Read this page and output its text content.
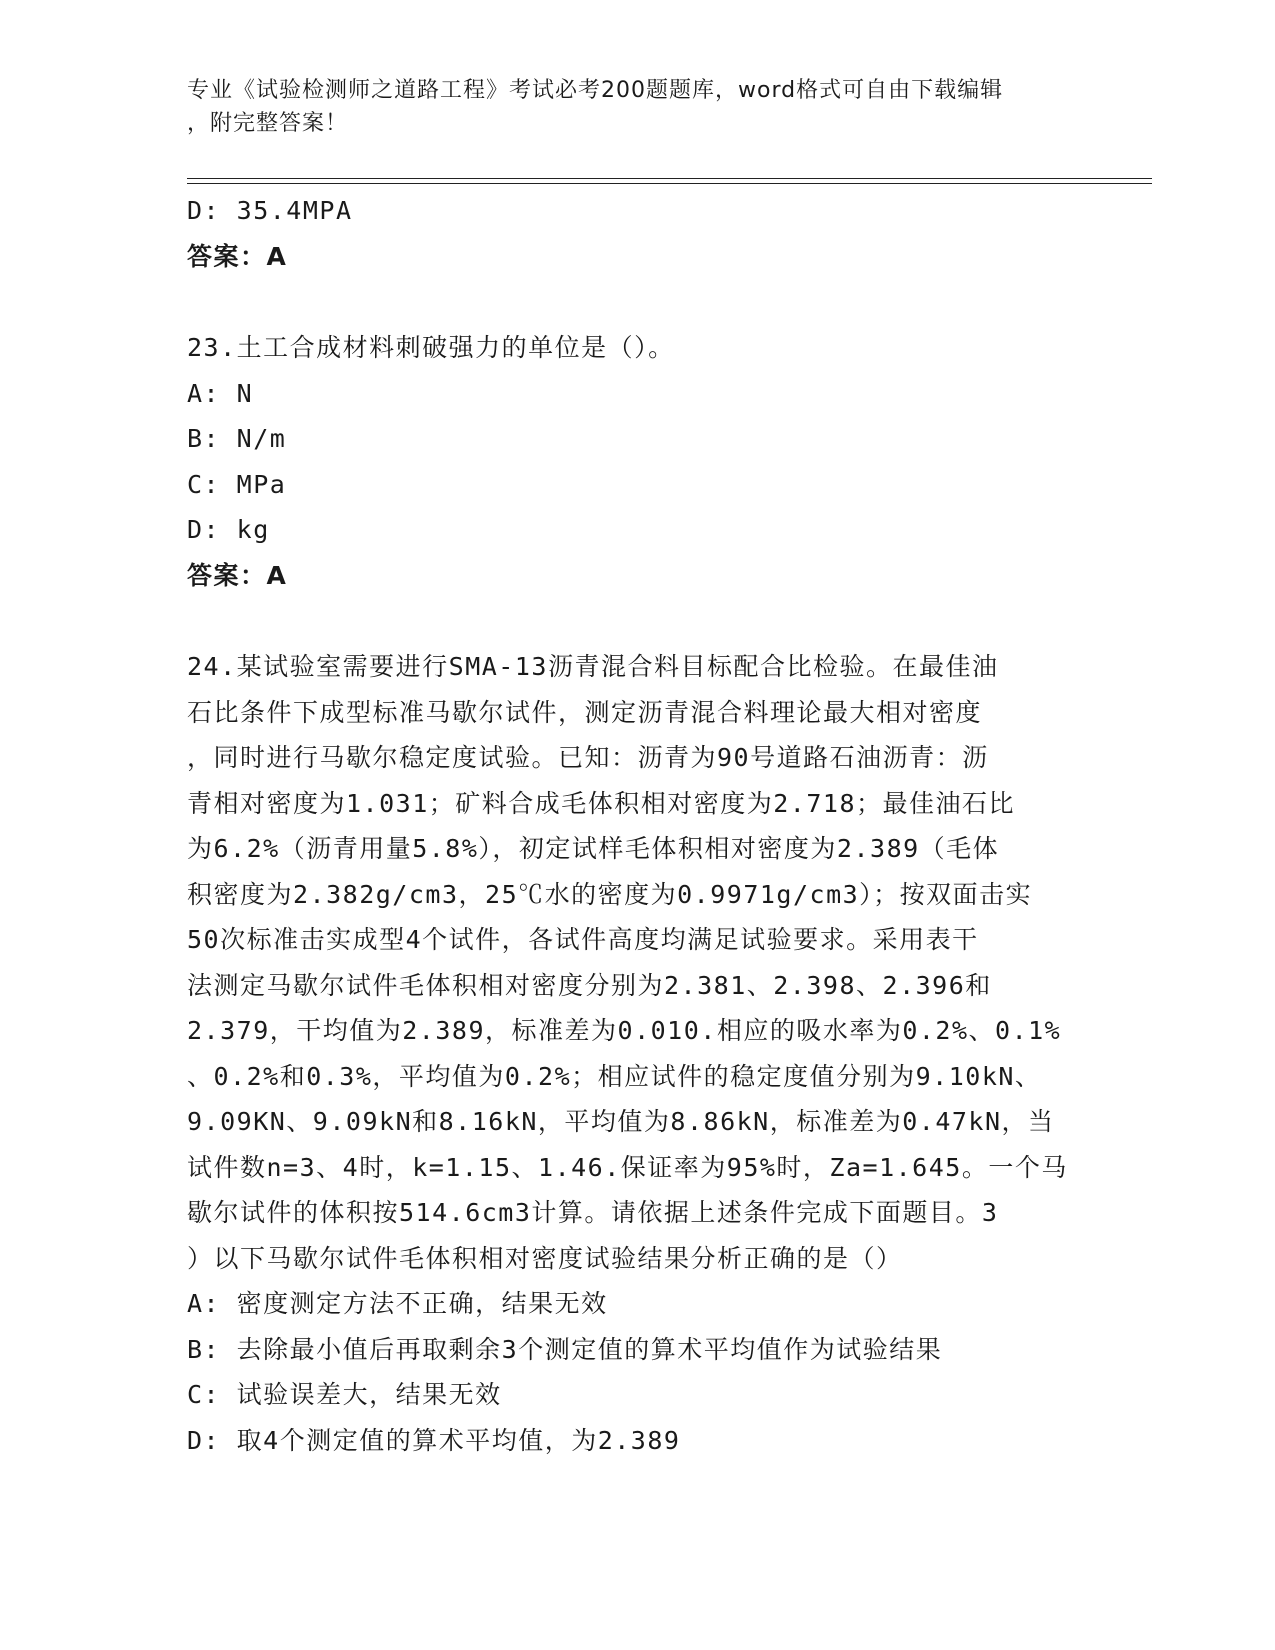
专业《试验检测师之道路工程》考试必考200题题库，word格式可自由下载编辑
，附完整答案！
D: 35.4MPA
答案：A
23.土工合成材料刺破强力的单位是（）。
A: N
B: N/m
C: MPa
D: kg
答案：A
24.某试验室需要进行SMA-13沥青混合料目标配合比检验。在最佳油
石比条件下成型标准马歇尔试件，测定沥青混合料理论最大相对密度
，同时进行马歇尔稳定度试验。已知：沥青为90号道路石油沥青：沥
青相对密度为1.031；矿料合成毛体积相对密度为2.718；最佳油石比
为6.2%（沥青用量5.8%），初定试样毛体积相对密度为2.389（毛体
积密度为2.382g/cm3，25℃水的密度为0.9971g/cm3）；按双面击实
50次标准击实成型4个试件，各试件高度均满足试验要求。采用表干
法测定马歇尔试件毛体积相对密度分别为2.381、2.398、2.396和
2.379，干均值为2.389，标准差为0.010.相应的吸水率为0.2%、0.1%
、0.2%和0.3%，平均值为0.2%；相应试件的稳定度值分别为9.10kN、
9.09KN、9.09kN和8.16kN，平均值为8.86kN，标准差为0.47kN，当
试件数n=3、4时，k=1.15、1.46.保证率为95%时，Za=1.645。一个马
歇尔试件的体积按514.6cm3计算。请依据上述条件完成下面题目。3
）以下马歇尔试件毛体积相对密度试验结果分析正确的是（）
A: 密度测定方法不正确，结果无效
B: 去除最小值后再取剩余3个测定值的算术平均值作为试验结果
C: 试验误差大，结果无效
D: 取4个测定值的算术平均值，为2.389
